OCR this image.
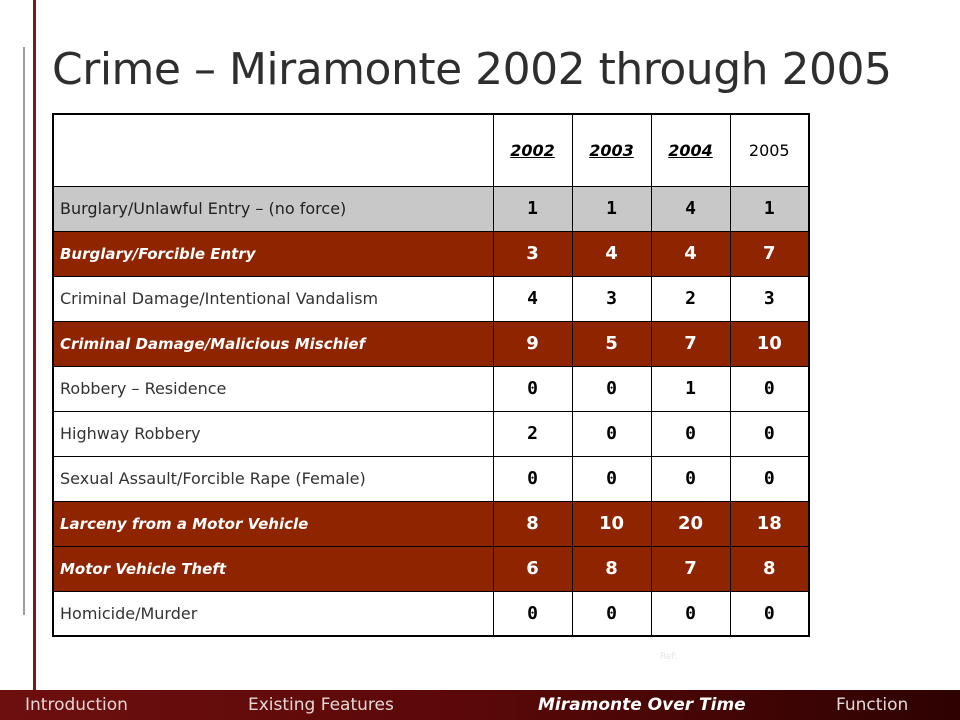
Crime – Miramonte 2002 through 2005
	2002	2003	2004	2005
Burglary/Unlawful Entry – (no force)	1	1	4	1
Burglary/Forcible Entry	3	4	4	7
Criminal Damage/Intentional Vandalism	4	3	2	3
Criminal Damage/Malicious Mischief	9	5	7	10
Robbery – Residence	0	0	1	0
Highway Robbery	2	0	0	0
Sexual Assault/Forcible Rape (Female)	0	0	0	0
Larceny from a Motor Vehicle	8	10	20	18
Motor Vehicle Theft	6	8	7	8
Homicide/Murder	0	0	0	0
Ref:
Introduction	Existing Features	Miramonte Over Time	Function
